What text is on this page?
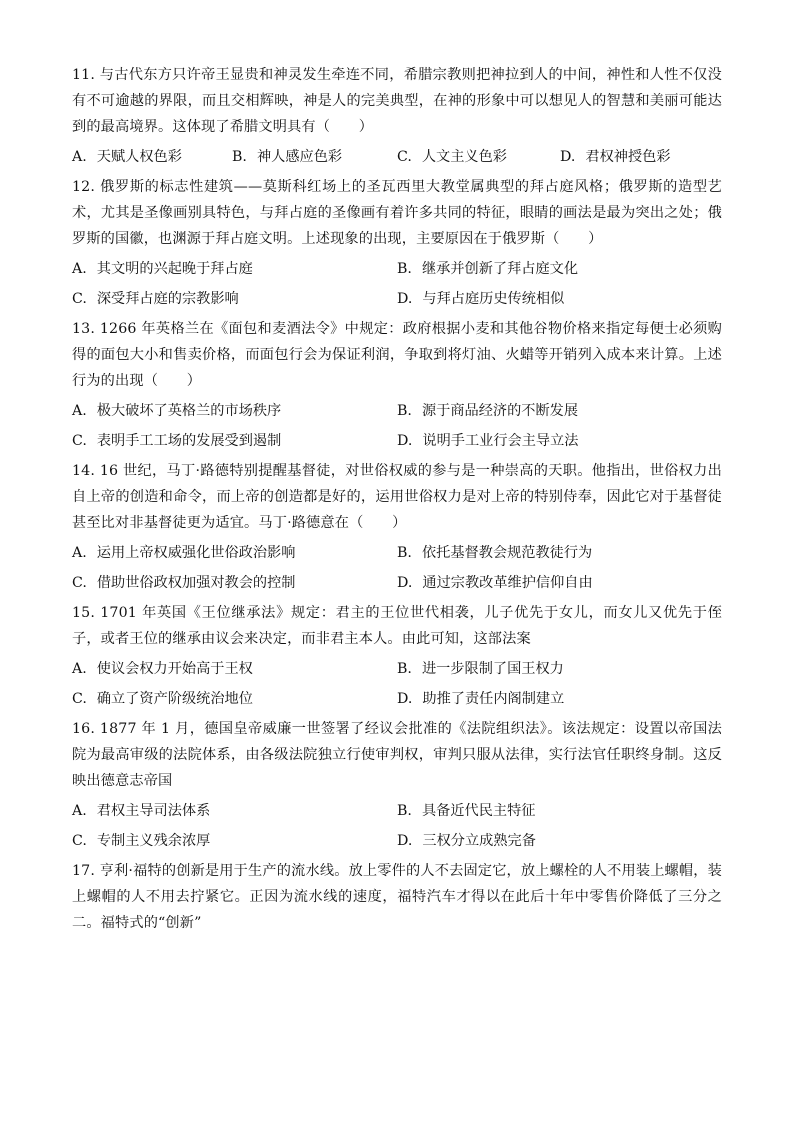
11. 与古代东方只许帝王显贵和神灵发生牵连不同，希腊宗教则把神拉到人的中间，神性和人性不仅没有不可逾越的界限，而且交相辉映，神是人的完美典型，在神的形象中可以想见人的智慧和美丽可能达到的最高境界。这体现了希腊文明具有（　　）
A. 天赋人权色彩	B. 神人感应色彩	C. 人文主义色彩	D. 君权神授色彩
12. 俄罗斯的标志性建筑——莫斯科红场上的圣瓦西里大教堂属典型的拜占庭风格；俄罗斯的造型艺术，尤其是圣像画别具特色，与拜占庭的圣像画有着许多共同的特征，眼睛的画法是最为突出之处；俄罗斯的国徽，也渊源于拜占庭文明。上述现象的出现，主要原因在于俄罗斯（　　）
A. 其文明的兴起晚于拜占庭	B. 继承并创新了拜占庭文化
C. 深受拜占庭的宗教影响	D. 与拜占庭历史传统相似
13. 1266 年英格兰在《面包和麦酒法令》中规定：政府根据小麦和其他谷物价格来指定每便士必须购得的面包大小和售卖价格，而面包行会为保证利润，争取到将灯油、火蜡等开销列入成本来计算。上述行为的出现（　　）
A. 极大破坏了英格兰的市场秩序	B. 源于商品经济的不断发展
C. 表明手工工场的发展受到遏制	D. 说明手工业行会主导立法
14. 16 世纪，马丁·路德特别提醒基督徒，对世俗权威的参与是一种崇高的天职。他指出，世俗权力出自上帝的创造和命令，而上帝的创造都是好的，运用世俗权力是对上帝的特别侍奉，因此它对于基督徒甚至比对非基督徒更为适宜。马丁·路德意在（　　）
A. 运用上帝权威强化世俗政治影响	B. 依托基督教会规范教徒行为
C. 借助世俗政权加强对教会的控制	D. 通过宗教改革维护信仰自由
15. 1701 年英国《王位继承法》规定：君主的王位世代相袭，儿子优先于女儿，而女儿又优先于侄子，或者王位的继承由议会来决定，而非君主本人。由此可知，这部法案
A. 使议会权力开始高于王权	B. 进一步限制了国王权力
C. 确立了资产阶级统治地位	D. 助推了责任内阁制建立
16. 1877 年 1 月，德国皇帝威廉一世签署了经议会批准的《法院组织法》。该法规定：设置以帝国法院为最高审级的法院体系，由各级法院独立行使审判权，审判只服从法律，实行法官任职终身制。这反映出德意志帝国
A. 君权主导司法体系	B. 具备近代民主特征
C. 专制主义残余浓厚	D. 三权分立成熟完备
17. 亨利·福特的创新是用于生产的流水线。放上零件的人不去固定它，放上螺栓的人不用装上螺帽，装上螺帽的人不用去拧紧它。正因为流水线的速度，福特汽车才得以在此后十年中零售价降低了三分之二。福特式的“创新”
